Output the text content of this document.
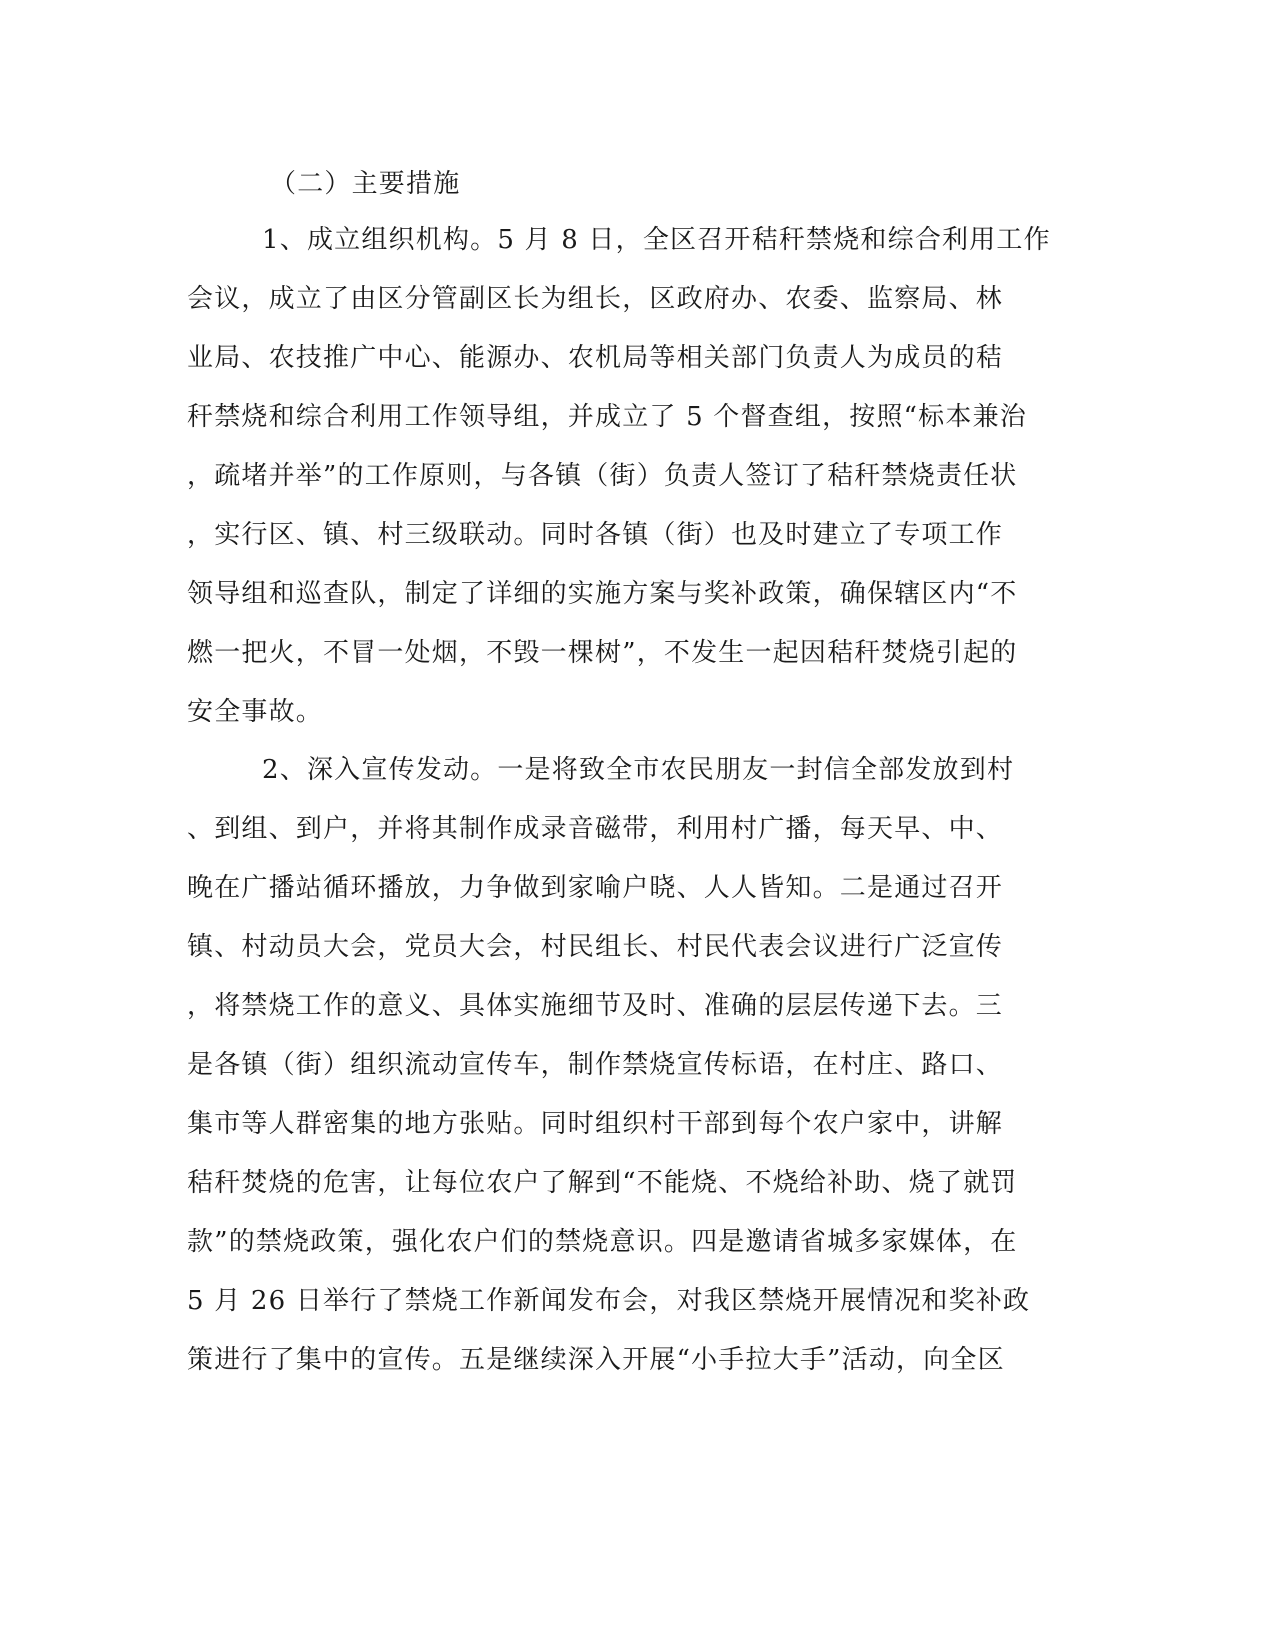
（二）主要措施
1、成立组织机构。5 月 8 日，全区召开秸秆禁烧和综合利用工作
会议，成立了由区分管副区长为组长，区政府办、农委、监察局、林
业局、农技推广中心、能源办、农机局等相关部门负责人为成员的秸
秆禁烧和综合利用工作领导组，并成立了 5 个督查组，按照“标本兼治
，疏堵并举”的工作原则，与各镇（街）负责人签订了秸秆禁烧责任状
，实行区、镇、村三级联动。同时各镇（街）也及时建立了专项工作
领导组和巡查队，制定了详细的实施方案与奖补政策，确保辖区内“不
燃一把火，不冒一处烟，不毁一棵树”，不发生一起因秸秆焚烧引起的
安全事故。
2、深入宣传发动。一是将致全市农民朋友一封信全部发放到村
、到组、到户，并将其制作成录音磁带，利用村广播，每天早、中、
晚在广播站循环播放，力争做到家喻户晓、人人皆知。二是通过召开
镇、村动员大会，党员大会，村民组长、村民代表会议进行广泛宣传
，将禁烧工作的意义、具体实施细节及时、准确的层层传递下去。三
是各镇（街）组织流动宣传车，制作禁烧宣传标语，在村庄、路口、
集市等人群密集的地方张贴。同时组织村干部到每个农户家中，讲解
秸秆焚烧的危害，让每位农户了解到“不能烧、不烧给补助、烧了就罚
款”的禁烧政策，强化农户们的禁烧意识。四是邀请省城多家媒体，在
5 月 26 日举行了禁烧工作新闻发布会，对我区禁烧开展情况和奖补政
策进行了集中的宣传。五是继续深入开展“小手拉大手”活动，向全区
